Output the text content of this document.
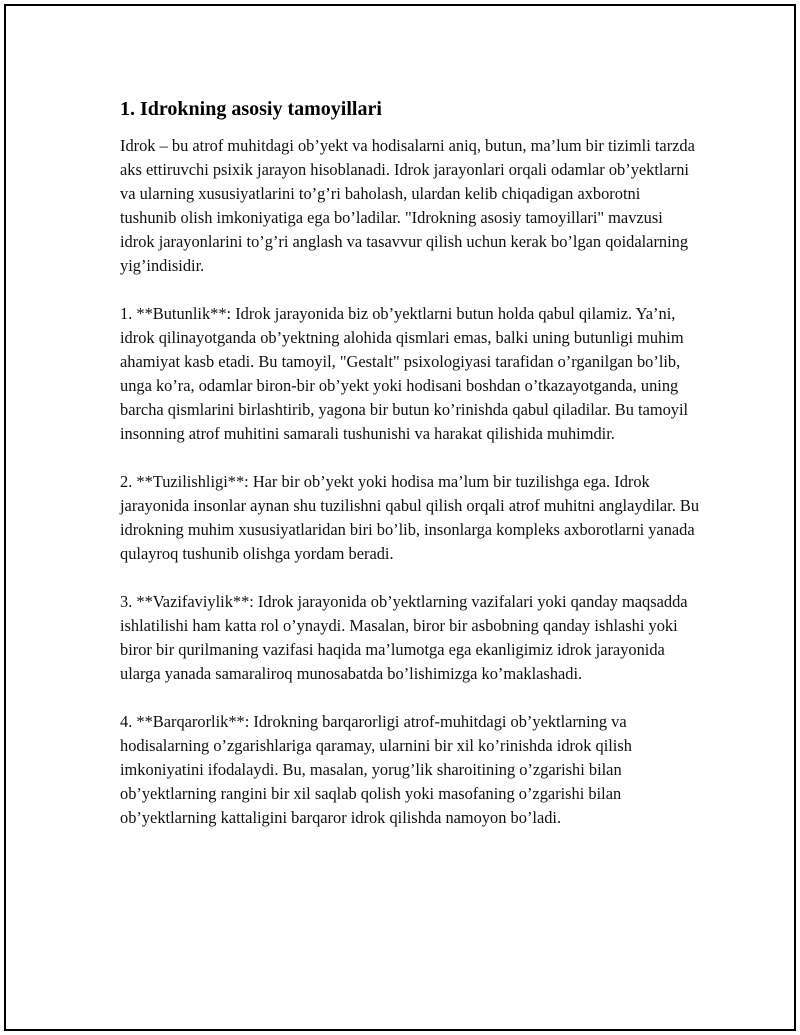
1. Idrokning asosiy tamoyillari

Idrok – bu atrof muhitdagi ob’yekt va hodisalarni aniq, butun, ma’lum bir tizimli tarzda aks ettiruvchi psixik jarayon hisoblanadi. Idrok jarayonlari orqali odamlar ob’yektlarni va ularning xususiyatlarini to’g’ri baholash, ulardan kelib chiqadigan axborotni tushunib olish imkoniyatiga ega bo’ladilar. "Idrokning asosiy tamoyillari" mavzusi idrok jarayonlarini to’g’ri anglash va tasavvur qilish uchun kerak bo’lgan qoidalarning yig’indisidir.

1. **Butunlik**: Idrok jarayonida biz ob’yektlarni butun holda qabul qilamiz. Ya’ni, idrok qilinayotganda ob’yektning alohida qismlari emas, balki uning butunligi muhim ahamiyat kasb etadi. Bu tamoyil, "Gestalt" psixologiyasi tarafidan o’rganilgan bo’lib, unga ko’ra, odamlar biron-bir ob’yekt yoki hodisani boshdan o’tkazayotganda, uning barcha qismlarini birlashtirib, yagona bir butun ko’rinishda qabul qiladilar. Bu tamoyil insonning atrof muhitini samarali tushunishi va harakat qilishida muhimdir.

2. **Tuzilishligi**: Har bir ob’yekt yoki hodisa ma’lum bir tuzilishga ega. Idrok jarayonida insonlar aynan shu tuzilishni qabul qilish orqali atrof muhitni anglaydilar. Bu idrokning muhim xususiyatlaridan biri bo’lib, insonlarga kompleks axborotlarni yanada qulayroq tushunib olishga yordam beradi.

3. **Vazifaviylik**: Idrok jarayonida ob’yektlarning vazifalari yoki qanday maqsadda ishlatilishi ham katta rol o’ynaydi. Masalan, biror bir asbobning qanday ishlashi yoki biror bir qurilmaning vazifasi haqida ma’lumotga ega ekanligimiz idrok jarayonida ularga yanada samaraliroq munosabatda bo’lishimizga ko’maklashadi.

4. **Barqarorlik**: Idrokning barqarorligi atrof-muhitdagi ob’yektlarning va hodisalarning o’zgarishlariga qaramay, ularnini bir xil ko’rinishda idrok qilish imkoniyatini ifodalaydi. Bu, masalan, yorug’lik sharoitining o’zgarishi bilan ob’yektlarning rangini bir xil saqlab qolish yoki masofaning o’zgarishi bilan ob’yektlarning kattaligini barqaror idrok qilishda namoyon bo’ladi.
